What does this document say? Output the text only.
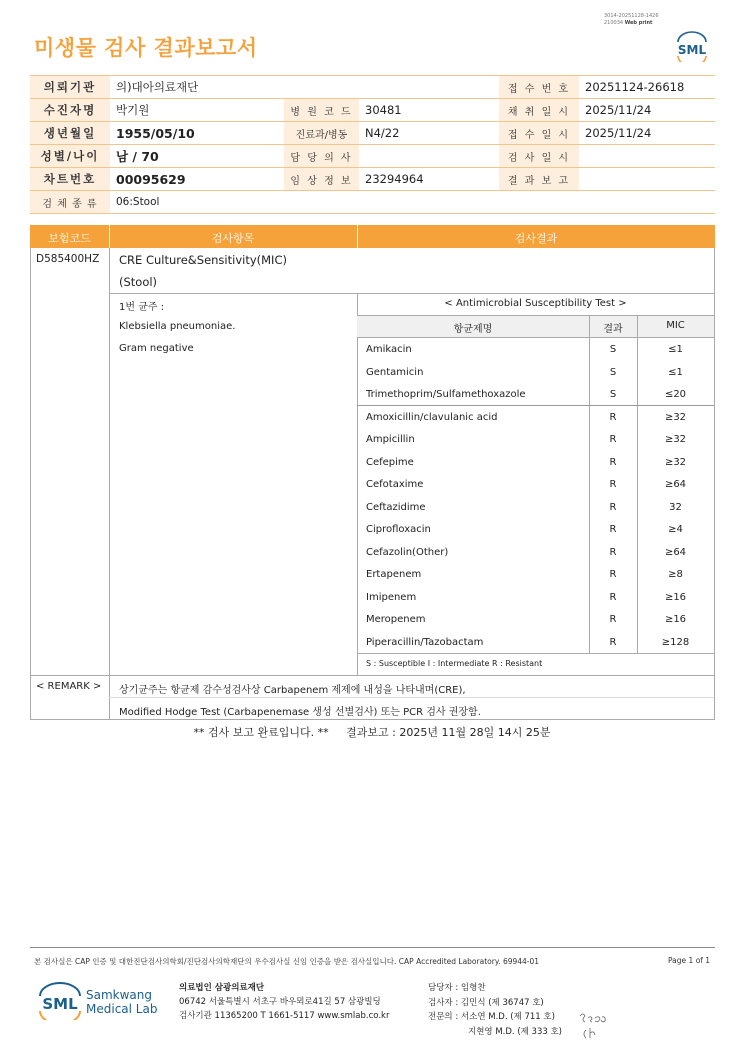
미생물 검사 결과보고서
3014-20251128-1426
210034 Web print
SML
의뢰기관	의)대아의료재단			접 수 번 호	20251124-26618
수진자명	박기원	병 원 코 드	30481	채 취 일 시	2025/11/24
생년월일	1955/05/10	진료과/병동	N4/22	접 수 일 시	2025/11/24
성별/나이	남 / 70	담 당 의 사		검 사 일 시	
차트번호	00095629	임 상 정 보	23294964	결 과 보 고	
검 체 종 류	06:Stool				
보험코드	검사항목	검사결과
D585400HZ CRE Culture&Sensitivity(MIC)
(Stool)
1번 균주 :
Klebsiella pneumoniae.
Gram negative
< Antimicrobial Susceptibility Test >
항균제명	결과	MIC
Amikacin	S	≤1
Gentamicin	S	≤1
Trimethoprim/Sulfamethoxazole	S	≤20
Amoxicillin/clavulanic acid	R	≥32
Ampicillin	R	≥32
Cefepime	R	≥32
Cefotaxime	R	≥64
Ceftazidime	R	32
Ciprofloxacin	R	≥4
Cefazolin(Other)	R	≥64
Ertapenem	R	≥8
Imipenem	R	≥16
Meropenem	R	≥16
Piperacillin/Tazobactam	R	≥128
S : Susceptible I : Intermediate R : Resistant
< REMARK > 상기균주는 항균제 감수성검사상 Carbapenem 제제에 내성을 나타내며(CRE),
Modified Hodge Test (Carbapenemase 생성 선별검사) 또는 PCR 검사 권장함.
** 검사 보고 완료입니다. **     결과보고 : 2025년 11월 28일 14시 25분
본 검사실은 CAP 인증 및 대한진단검사의학회/진단검사의학재단의 우수검사실 신임 인증을 받은 검사실입니다. CAP Accredited Laboratory. 69944-01	Page 1 of 1
SML Samkwang
Medical Lab
의료법인 삼광의료재단
06742 서울특별시 서초구 바우뫼로41길 57 삼광빌딩
검사기관 11365200 T 1661-5117 www.smlab.co.kr
담당자 : 임형찬
검사자 : 김민식 (제 36747 호)
전문의 : 서소연 M.D. (제 711 호)
지현영 M.D. (제 333 호)
